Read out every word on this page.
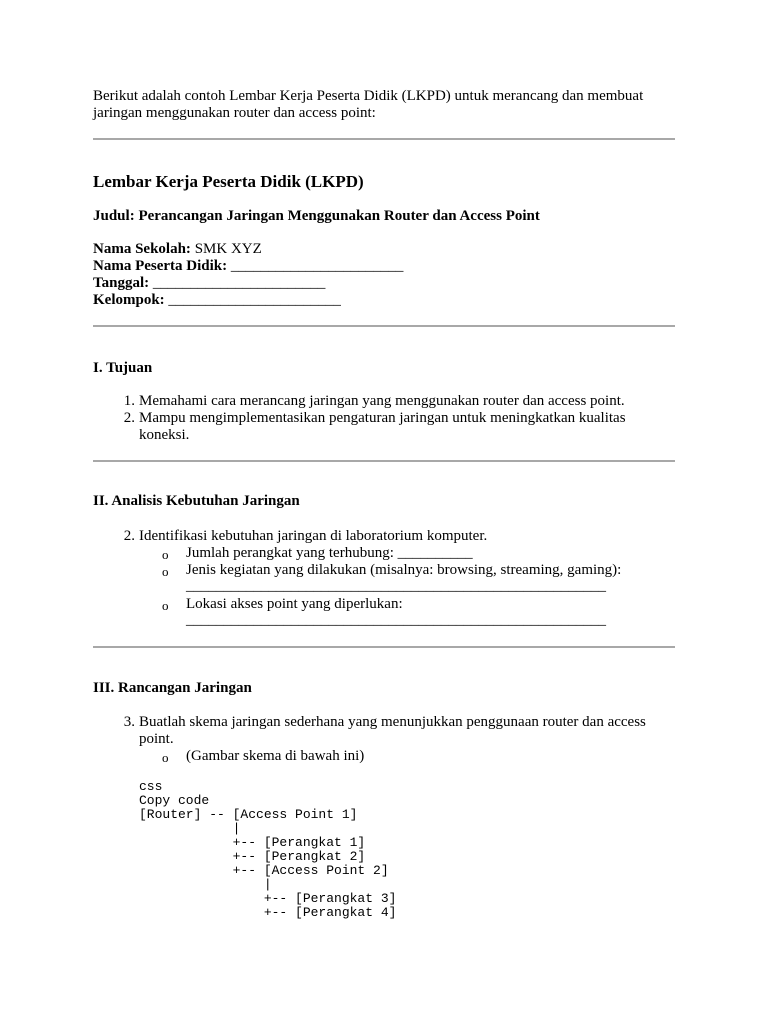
Berikut adalah contoh Lembar Kerja Peserta Didik (LKPD) untuk merancang dan membuat jaringan menggunakan router dan access point:
Lembar Kerja Peserta Didik (LKPD)
Judul: Perancangan Jaringan Menggunakan Router dan Access Point
Nama Sekolah: SMK XYZ
Nama Peserta Didik: _______________________
Tanggal: _______________________
Kelompok: _______________________
I. Tujuan
1. Memahami cara merancang jaringan yang menggunakan router dan access point.
2. Mampu mengimplementasikan pengaturan jaringan untuk meningkatkan kualitas
koneksi.
II. Analisis Kebutuhan Jaringan
2. Identifikasi kebutuhan jaringan di laboratorium komputer.
o Jumlah perangkat yang terhubung: __________
o Jenis kegiatan yang dilakukan (misalnya: browsing, streaming, gaming):
________________________________________________________
o Lokasi akses point yang diperlukan:
________________________________________________________
III. Rancangan Jaringan
3. Buatlah skema jaringan sederhana yang menunjukkan penggunaan router dan access
point.
o (Gambar skema di bawah ini)
css
Copy code
[Router] -- [Access Point 1]
|
+-- [Perangkat 1]
+-- [Perangkat 2]
+-- [Access Point 2]
|
+-- [Perangkat 3]
+-- [Perangkat 4]
